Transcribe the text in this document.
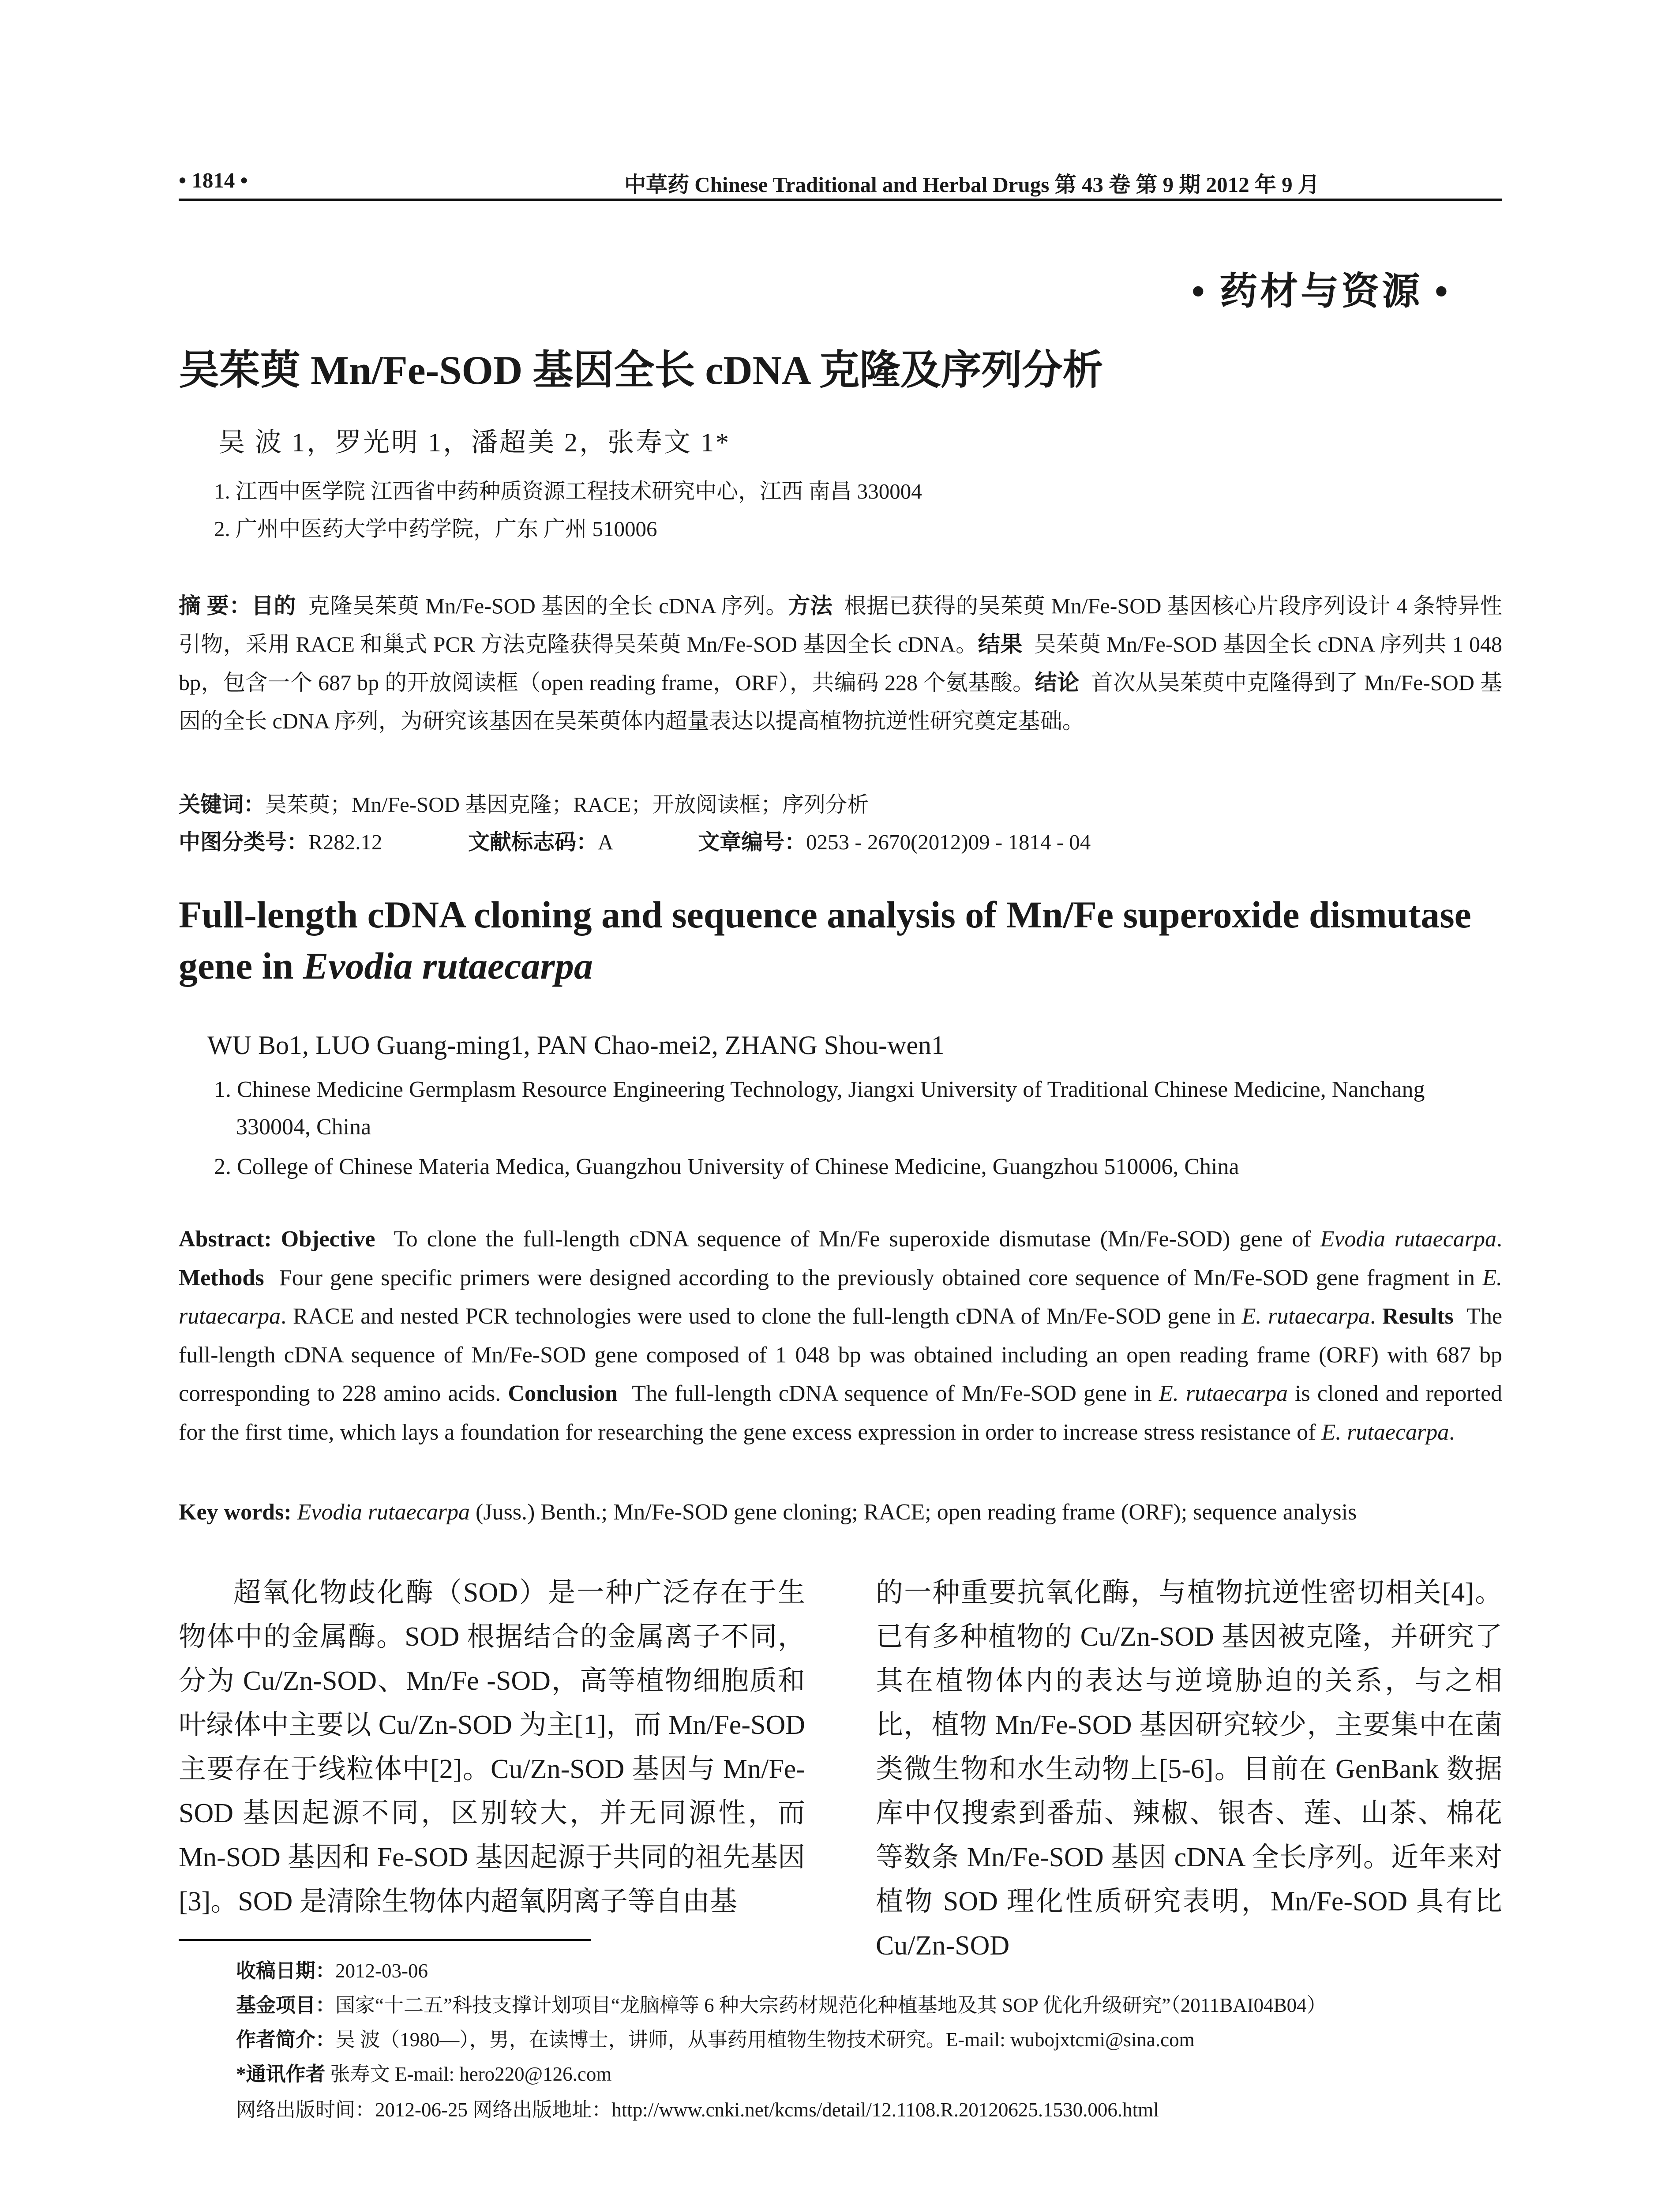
• 1814 •	中草药 Chinese Traditional and Herbal Drugs 第 43 卷 第 9 期 2012 年 9 月
• 药材与资源 •
吴茱萸 Mn/Fe-SOD 基因全长 cDNA 克隆及序列分析
吴 波 1，罗光明 1，潘超美 2，张寿文 1*
1. 江西中医学院 江西省中药种质资源工程技术研究中心，江西 南昌 330004
2. 广州中医药大学中药学院，广东 广州 510006
摘 要：目的 克隆吴茱萸 Mn/Fe-SOD 基因的全长 cDNA 序列。方法 根据已获得的吴茱萸 Mn/Fe-SOD 基因核心片段序列设计 4 条特异性引物，采用 RACE 和巢式 PCR 方法克隆获得吴茱萸 Mn/Fe-SOD 基因全长 cDNA。结果 吴茱萸 Mn/Fe-SOD 基因全长 cDNA 序列共 1 048 bp，包含一个 687 bp 的开放阅读框（open reading frame，ORF），共编码 228 个氨基酸。结论 首次从吴茱萸中克隆得到了 Mn/Fe-SOD 基因的全长 cDNA 序列，为研究该基因在吴茱萸体内超量表达以提高植物抗逆性研究奠定基础。
关键词：吴茱萸；Mn/Fe-SOD 基因克隆；RACE；开放阅读框；序列分析
中图分类号：R282.12	文献标志码：A	文章编号：0253 - 2670(2012)09 - 1814 - 04
Full-length cDNA cloning and sequence analysis of Mn/Fe superoxide dismutase
gene in Evodia rutaecarpa
WU Bo1, LUO Guang-ming1, PAN Chao-mei2, ZHANG Shou-wen1
1. Chinese Medicine Germplasm Resource Engineering Technology, Jiangxi University of Traditional Chinese Medicine, Nanchang
330004, China
2. College of Chinese Materia Medica, Guangzhou University of Chinese Medicine, Guangzhou 510006, China
Abstract: Objective To clone the full-length cDNA sequence of Mn/Fe superoxide dismutase (Mn/Fe-SOD) gene of Evodia rutaecarpa. Methods Four gene specific primers were designed according to the previously obtained core sequence of Mn/Fe-SOD gene fragment in E. rutaecarpa. RACE and nested PCR technologies were used to clone the full-length cDNA of Mn/Fe-SOD gene in E. rutaecarpa. Results The full-length cDNA sequence of Mn/Fe-SOD gene composed of 1 048 bp was obtained including an open reading frame (ORF) with 687 bp corresponding to 228 amino acids. Conclusion The full-length cDNA sequence of Mn/Fe-SOD gene in E. rutaecarpa is cloned and reported for the first time, which lays a foundation for researching the gene excess expression in order to increase stress resistance of E. rutaecarpa.
Key words: Evodia rutaecarpa (Juss.) Benth.; Mn/Fe-SOD gene cloning; RACE; open reading frame (ORF); sequence analysis
超氧化物歧化酶（SOD）是一种广泛存在于生物体中的金属酶。SOD 根据结合的金属离子不同，分为 Cu/Zn-SOD、Mn/Fe -SOD，高等植物细胞质和叶绿体中主要以 Cu/Zn-SOD 为主[1]，而 Mn/Fe-SOD 主要存在于线粒体中[2]。Cu/Zn-SOD 基因与 Mn/Fe-SOD 基因起源不同，区别较大，并无同源性，而 Mn-SOD 基因和 Fe-SOD 基因起源于共同的祖先基因[3]。SOD 是清除生物体内超氧阴离子等自由基
的一种重要抗氧化酶，与植物抗逆性密切相关[4]。已有多种植物的 Cu/Zn-SOD 基因被克隆，并研究了其在植物体内的表达与逆境胁迫的关系，与之相比，植物 Mn/Fe-SOD 基因研究较少，主要集中在菌类微生物和水生动物上[5-6]。目前在 GenBank 数据库中仅搜索到番茄、辣椒、银杏、莲、山茶、棉花等数条 Mn/Fe-SOD 基因 cDNA 全长序列。近年来对植物 SOD 理化性质研究表明，Mn/Fe-SOD 具有比 Cu/Zn-SOD
收稿日期：2012-03-06
基金项目：国家“十二五”科技支撑计划项目“龙脑樟等 6 种大宗药材规范化种植基地及其 SOP 优化升级研究”（2011BAI04B04）
作者简介：吴 波（1980—），男，在读博士，讲师，从事药用植物生物技术研究。E-mail: wubojxtcmi@sina.com
*通讯作者 张寿文 E-mail: hero220@126.com
网络出版时间：2012-06-25 网络出版地址：http://www.cnki.net/kcms/detail/12.1108.R.20120625.1530.006.html
